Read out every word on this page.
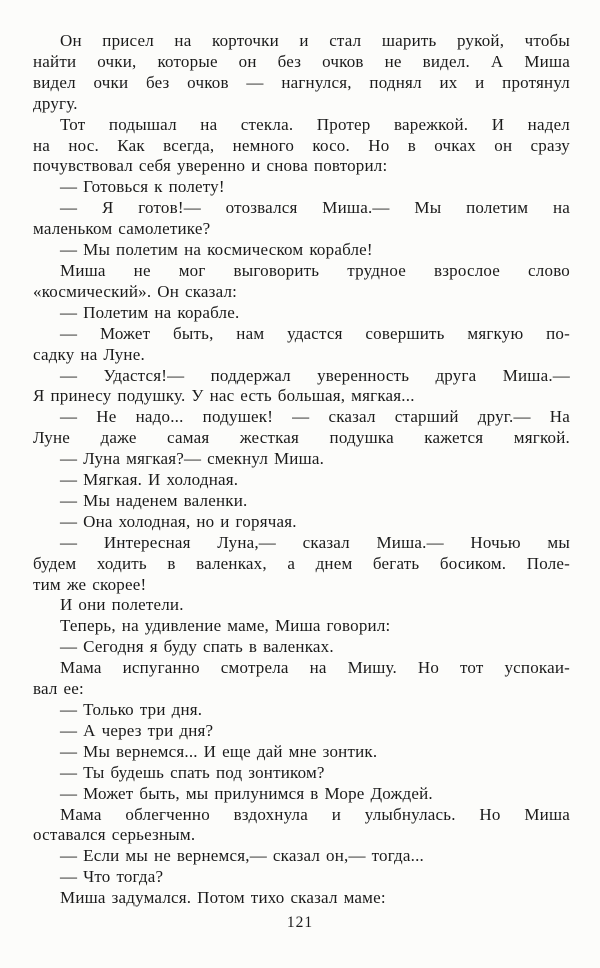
Он присел на корточки и стал шарить рукой, чтобы
найти очки, которые он без очков не видел. А Миша
видел очки без очков — нагнулся, поднял их и протянул
другу.
Тот подышал на стекла. Протер варежкой. И надел
на нос. Как всегда, немного косо. Но в очках он сразу
почувствовал себя уверенно и снова повторил:
— Готовься к полету!
— Я готов!— отозвался Миша.— Мы полетим на
маленьком самолетике?
— Мы полетим на космическом корабле!
Миша не мог выговорить трудное взрослое слово
«космический». Он сказал:
— Полетим на корабле.
— Может быть, нам удастся совершить мягкую по-
садку на Луне.
— Удастся!— поддержал уверенность друга Миша.—
Я принесу подушку. У нас есть большая, мягкая...
— Не надо... подушек! — сказал старший друг.— На
Луне даже самая жесткая подушка кажется мягкой.
— Луна мягкая?— смекнул Миша.
— Мягкая. И холодная.
— Мы наденем валенки.
— Она холодная, но и горячая.
— Интересная Луна,— сказал Миша.— Ночью мы
будем ходить в валенках, а днем бегать босиком. Поле-
тим же скорее!
И они полетели.
Теперь, на удивление маме, Миша говорил:
— Сегодня я буду спать в валенках.
Мама испуганно смотрела на Мишу. Но тот успокаи-
вал ее:
— Только три дня.
— А через три дня?
— Мы вернемся... И еще дай мне зонтик.
— Ты будешь спать под зонтиком?
— Может быть, мы прилунимся в Море Дождей.
Мама облегченно вздохнула и улыбнулась. Но Миша
оставался серьезным.
— Если мы не вернемся,— сказал он,— тогда...
— Что тогда?
Миша задумался. Потом тихо сказал маме:
121
